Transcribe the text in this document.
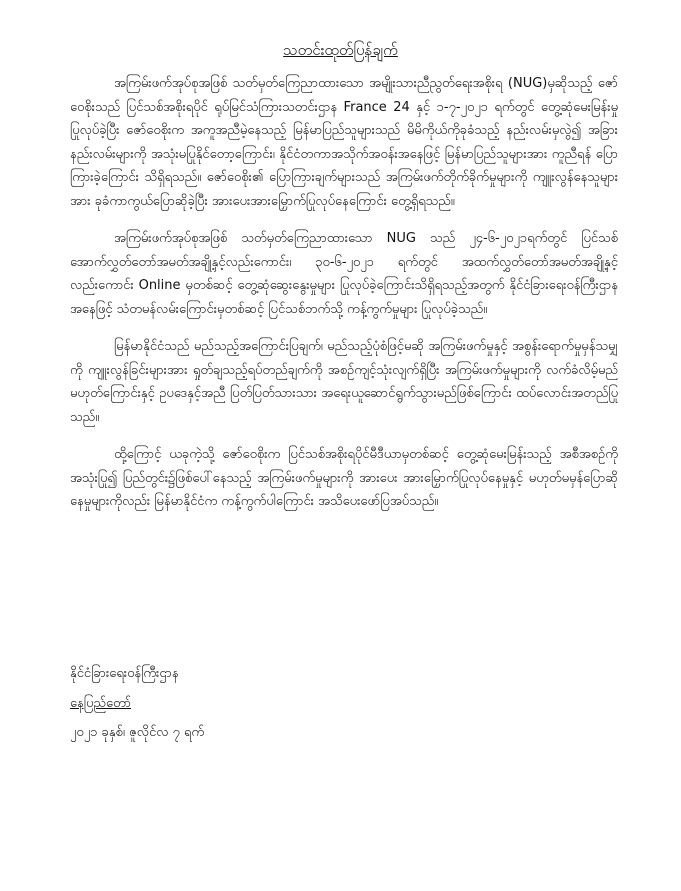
သတင်းထုတ်ပြန်ချက်

အကြမ်းဖက်အုပ်စုအဖြစ် သတ်မှတ်ကြေညာထားသော အမျိုးသားညီညွတ်ရေးအစိုးရ (NUG)မှဆိုသည့် ဇော်ဝေစိုးသည် ပြင်သစ်အစိုးရပိုင် ရုပ်မြင်သံကြားသတင်းဌာန France 24 နှင့် ၁-၇-၂၀၂၁ ရက်တွင် တွေ့ဆုံမေးမြန်းမှုပြုလုပ်ခဲ့ပြီး ဇော်ဝေစိုးက အကူအညီမဲ့နေသည့် မြန်မာပြည်သူများသည် မိမိကိုယ်ကိုခုခံသည့် နည်းလမ်းမှလွဲ၍ အခြားနည်းလမ်းများကို အသုံးမပြုနိုင်တော့ကြောင်း၊ နိုင်ငံတကာအသိုက်အဝန်းအနေဖြင့် မြန်မာပြည်သူများအား ကူညီရန် ပြောကြားခဲ့ကြောင်း သိရှိရသည်။ ဇော်ဝေစိုး၏ ပြောကြားချက်များသည် အကြမ်းဖက်တိုက်ခိုက်မှုများကို ကျူးလွန်နေသူများအား ခုခံကာကွယ်ပြောဆိုခဲ့ပြီး အားပေးအားမြှောက်ပြုလုပ်နေကြောင်း တွေ့ရှိရသည်။

အကြမ်းဖက်အုပ်စုအဖြစ် သတ်မှတ်ကြေညာထားသော NUG သည် ၂၄-၆-၂၀၂၁ရက်တွင် ပြင်သစ်အောက်လွှတ်တော်အမတ်အချို့နှင့်လည်းကောင်း၊ ၃၀-၆-၂၀၂၁ ရက်တွင် အထက်လွှတ်တော်အမတ်အချို့နှင့်လည်းကောင်း Online မှတစ်ဆင့် တွေ့ဆုံဆွေးနွေးမှုများ ပြုလုပ်ခဲ့ကြောင်းသိရှိရသည့်အတွက် နိုင်ငံခြားရေးဝန်ကြီးဌာနအနေဖြင့် သံတမန်လမ်းကြောင်းမှတစ်ဆင့် ပြင်သစ်ဘက်သို့ ကန့်ကွက်မှုများ ပြုလုပ်ခဲ့သည်။

မြန်မာနိုင်ငံသည် မည်သည့်အကြောင်းပြချက်၊ မည်သည့်ပုံစံဖြင့်မဆို အကြမ်းဖက်မှုနှင့် အစွန်းရောက်မှုမှန်သမျှကို ကျူးလွန်ခြင်းများအား ရှုတ်ချသည့်ရပ်တည်ချက်ကို အစဉ်ကျင့်သုံးလျက်ရှိပြီး အကြမ်းဖက်မှုများကို လက်ခံလိမ့်မည်မဟုတ်ကြောင်းနှင့် ဥပဒေနှင့်အညီ ပြတ်ပြတ်သားသား အရေးယူဆောင်ရွက်သွားမည်ဖြစ်ကြောင်း ထပ်လောင်းအတည်ပြုသည်။

ထို့ကြောင့် ယခုကဲ့သို့ ဇော်ဝေစိုးက ပြင်သစ်အစိုးရပိုင်မီဒီယာမှတစ်ဆင့် တွေ့ဆုံမေးမြန်းသည့် အစီအစဉ်ကိုအသုံးပြု၍ ပြည်တွင်း၌ဖြစ်ပေါ်နေသည့် အကြမ်းဖက်မှုများကို အားပေး အားမြှောက်ပြုလုပ်နေမှုနှင့် မဟုတ်မမှန်ပြောဆိုနေမှုများကိုလည်း မြန်မာနိုင်ငံက ကန့်ကွက်ပါကြောင်း အသိပေးဖော်ပြအပ်သည်။

နိုင်ငံခြားရေးဝန်ကြီးဌာန
နေပြည်တော်
၂၀၂၁ ခုနှစ်၊ ဇူလိုင်လ ၇ ရက်
